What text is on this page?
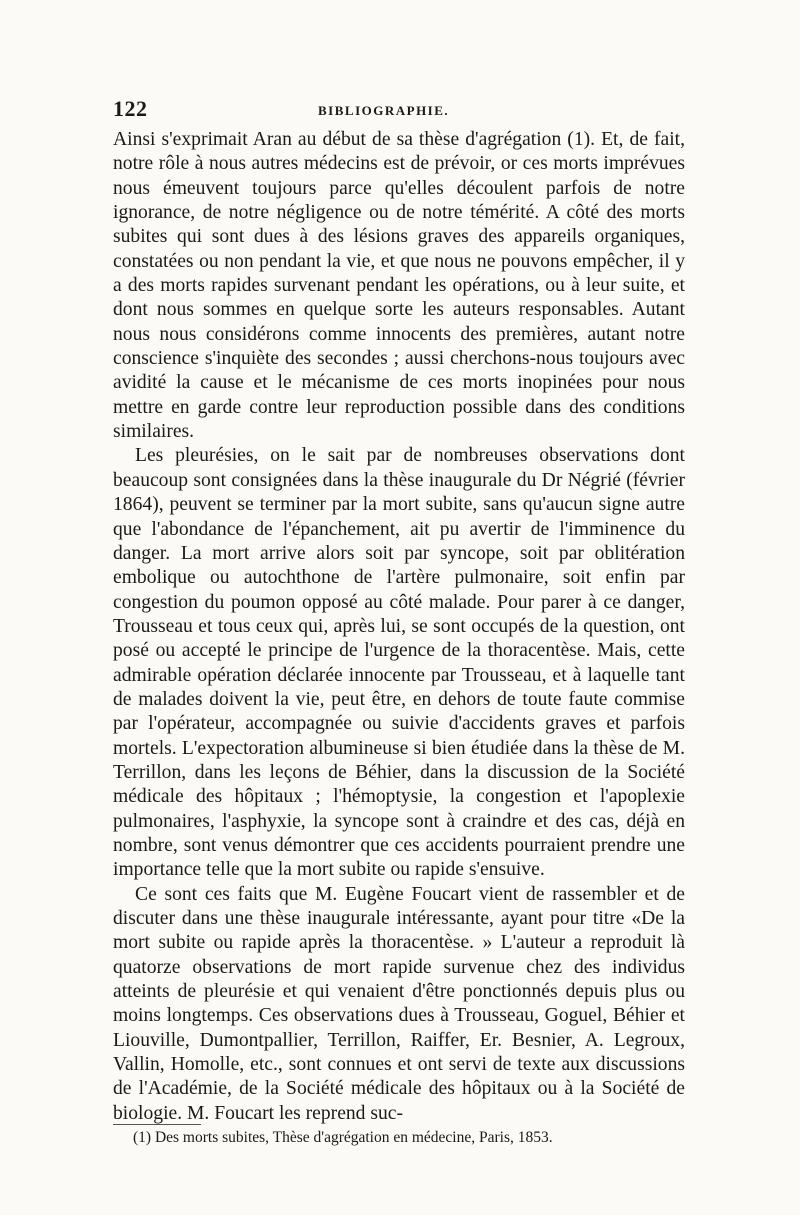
122	BIBLIOGRAPHIE.

Ainsi s'exprimait Aran au début de sa thèse d'agrégation (1). Et, de fait, notre rôle à nous autres médecins est de prévoir, or ces morts imprévues nous émeuvent toujours parce qu'elles découlent parfois de notre ignorance, de notre négligence ou de notre témérité. A côté des morts subites qui sont dues à des lésions graves des appareils organiques, constatées ou non pendant la vie, et que nous ne pouvons empêcher, il y a des morts rapides survenant pendant les opérations, ou à leur suite, et dont nous sommes en quelque sorte les auteurs responsables. Autant nous nous considérons comme innocents des premières, autant notre conscience s'inquiète des secondes ; aussi cherchons-nous toujours avec avidité la cause et le mécanisme de ces morts inopinées pour nous mettre en garde contre leur reproduction possible dans des conditions similaires.

Les pleurésies, on le sait par de nombreuses observations dont beaucoup sont consignées dans la thèse inaugurale du Dr Négrié (février 1864), peuvent se terminer par la mort subite, sans qu'aucun signe autre que l'abondance de l'épanchement, ait pu avertir de l'imminence du danger. La mort arrive alors soit par syncope, soit par oblitération embolique ou autochthone de l'artère pulmonaire, soit enfin par congestion du poumon opposé au côté malade. Pour parer à ce danger, Trousseau et tous ceux qui, après lui, se sont occupés de la question, ont posé ou accepté le principe de l'urgence de la thoracentèse. Mais, cette admirable opération déclarée innocente par Trousseau, et à laquelle tant de malades doivent la vie, peut être, en dehors de toute faute commise par l'opérateur, accompagnée ou suivie d'accidents graves et parfois mortels. L'expectoration albumineuse si bien étudiée dans la thèse de M. Terrillon, dans les leçons de Béhier, dans la discussion de la Société médicale des hôpitaux ; l'hémoptysie, la congestion et l'apoplexie pulmonaires, l'asphyxie, la syncope sont à craindre et des cas, déjà en nombre, sont venus démontrer que ces accidents pourraient prendre une importance telle que la mort subite ou rapide s'ensuive.

Ce sont ces faits que M. Eugène Foucart vient de rassembler et de discuter dans une thèse inaugurale intéressante, ayant pour titre «De la mort subite ou rapide après la thoracentèse. » L'auteur a reproduit là quatorze observations de mort rapide survenue chez des individus atteints de pleurésie et qui venaient d'être ponctionnés depuis plus ou moins longtemps. Ces observations dues à Trousseau, Goguel, Béhier et Liouville, Dumontpallier, Terrillon, Raiffer, Er. Besnier, A. Legroux, Vallin, Homolle, etc., sont connues et ont servi de texte aux discussions de l'Académie, de la Société médicale des hôpitaux ou à la Société de biologie. M. Foucart les reprend suc-

(1) Des morts subites, Thèse d'agrégation en médecine, Paris, 1853.
